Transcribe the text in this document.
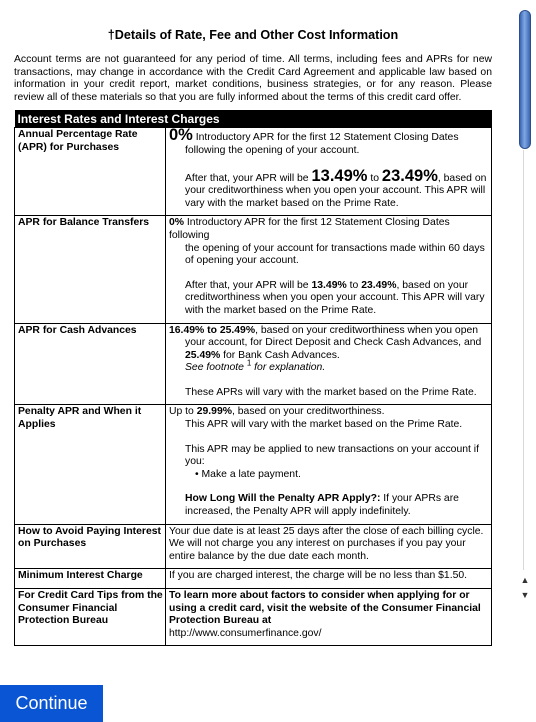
†Details of Rate, Fee and Other Cost Information

Account terms are not guaranteed for any period of time. All terms, including fees and APRs for new transactions, may change in accordance with the Credit Card Agreement and applicable law based on information in your credit report, market conditions, business strategies, or for any reason. Please review all of these materials so that you are fully informed about the terms of this credit card offer.

Interest Rates and Interest Charges	
Annual Percentage Rate (APR) for Purchases	0% Introductory APR for the first 12 Statement Closing Dates
following the opening of your account.
After that, your APR will be 13.49% to 23.49%, based on
your creditworthiness when you open your account. This APR will vary with the market based on the Prime Rate.

APR for Balance Transfers	0% Introductory APR for the first 12 Statement Closing Dates following
the opening of your account for transactions made within 60 days of opening your account.
After that, your APR will be 13.49% to 23.49%, based on your
creditworthiness when you open your account. This APR will vary with the market based on the Prime Rate.

APR for Cash Advances	16.49% to 25.49%, based on your creditworthiness when you open
your account, for Direct Deposit and Check Cash Advances, and
25.49% for Bank Cash Advances.
See footnote $^1$ for explanation.
These APRs will vary with the market based on the Prime Rate.

Penalty APR and When it Applies	Up to 29.99%, based on your creditworthiness.
This APR will vary with the market based on the Prime Rate.
This APR may be applied to new transactions on your account if you:
• Make a late payment.
How Long Will the Penalty APR Apply?: If your APRs are increased, the Penalty APR will apply indefinitely.

How to Avoid Paying Interest on Purchases	Your due date is at least 25 days after the close of each billing cycle. We will not charge you any interest on purchases if you pay your entire balance by the due date each month.
Minimum Interest Charge	If you are charged interest, the charge will be no less than $1.50.
For Credit Card Tips from the Consumer Financial Protection Bureau	To learn more about factors to consider when applying for or using a credit card, visit the website of the Consumer Financial Protection Bureau at
http://www.consumerfinance.gov/
▲
▼
Continue
